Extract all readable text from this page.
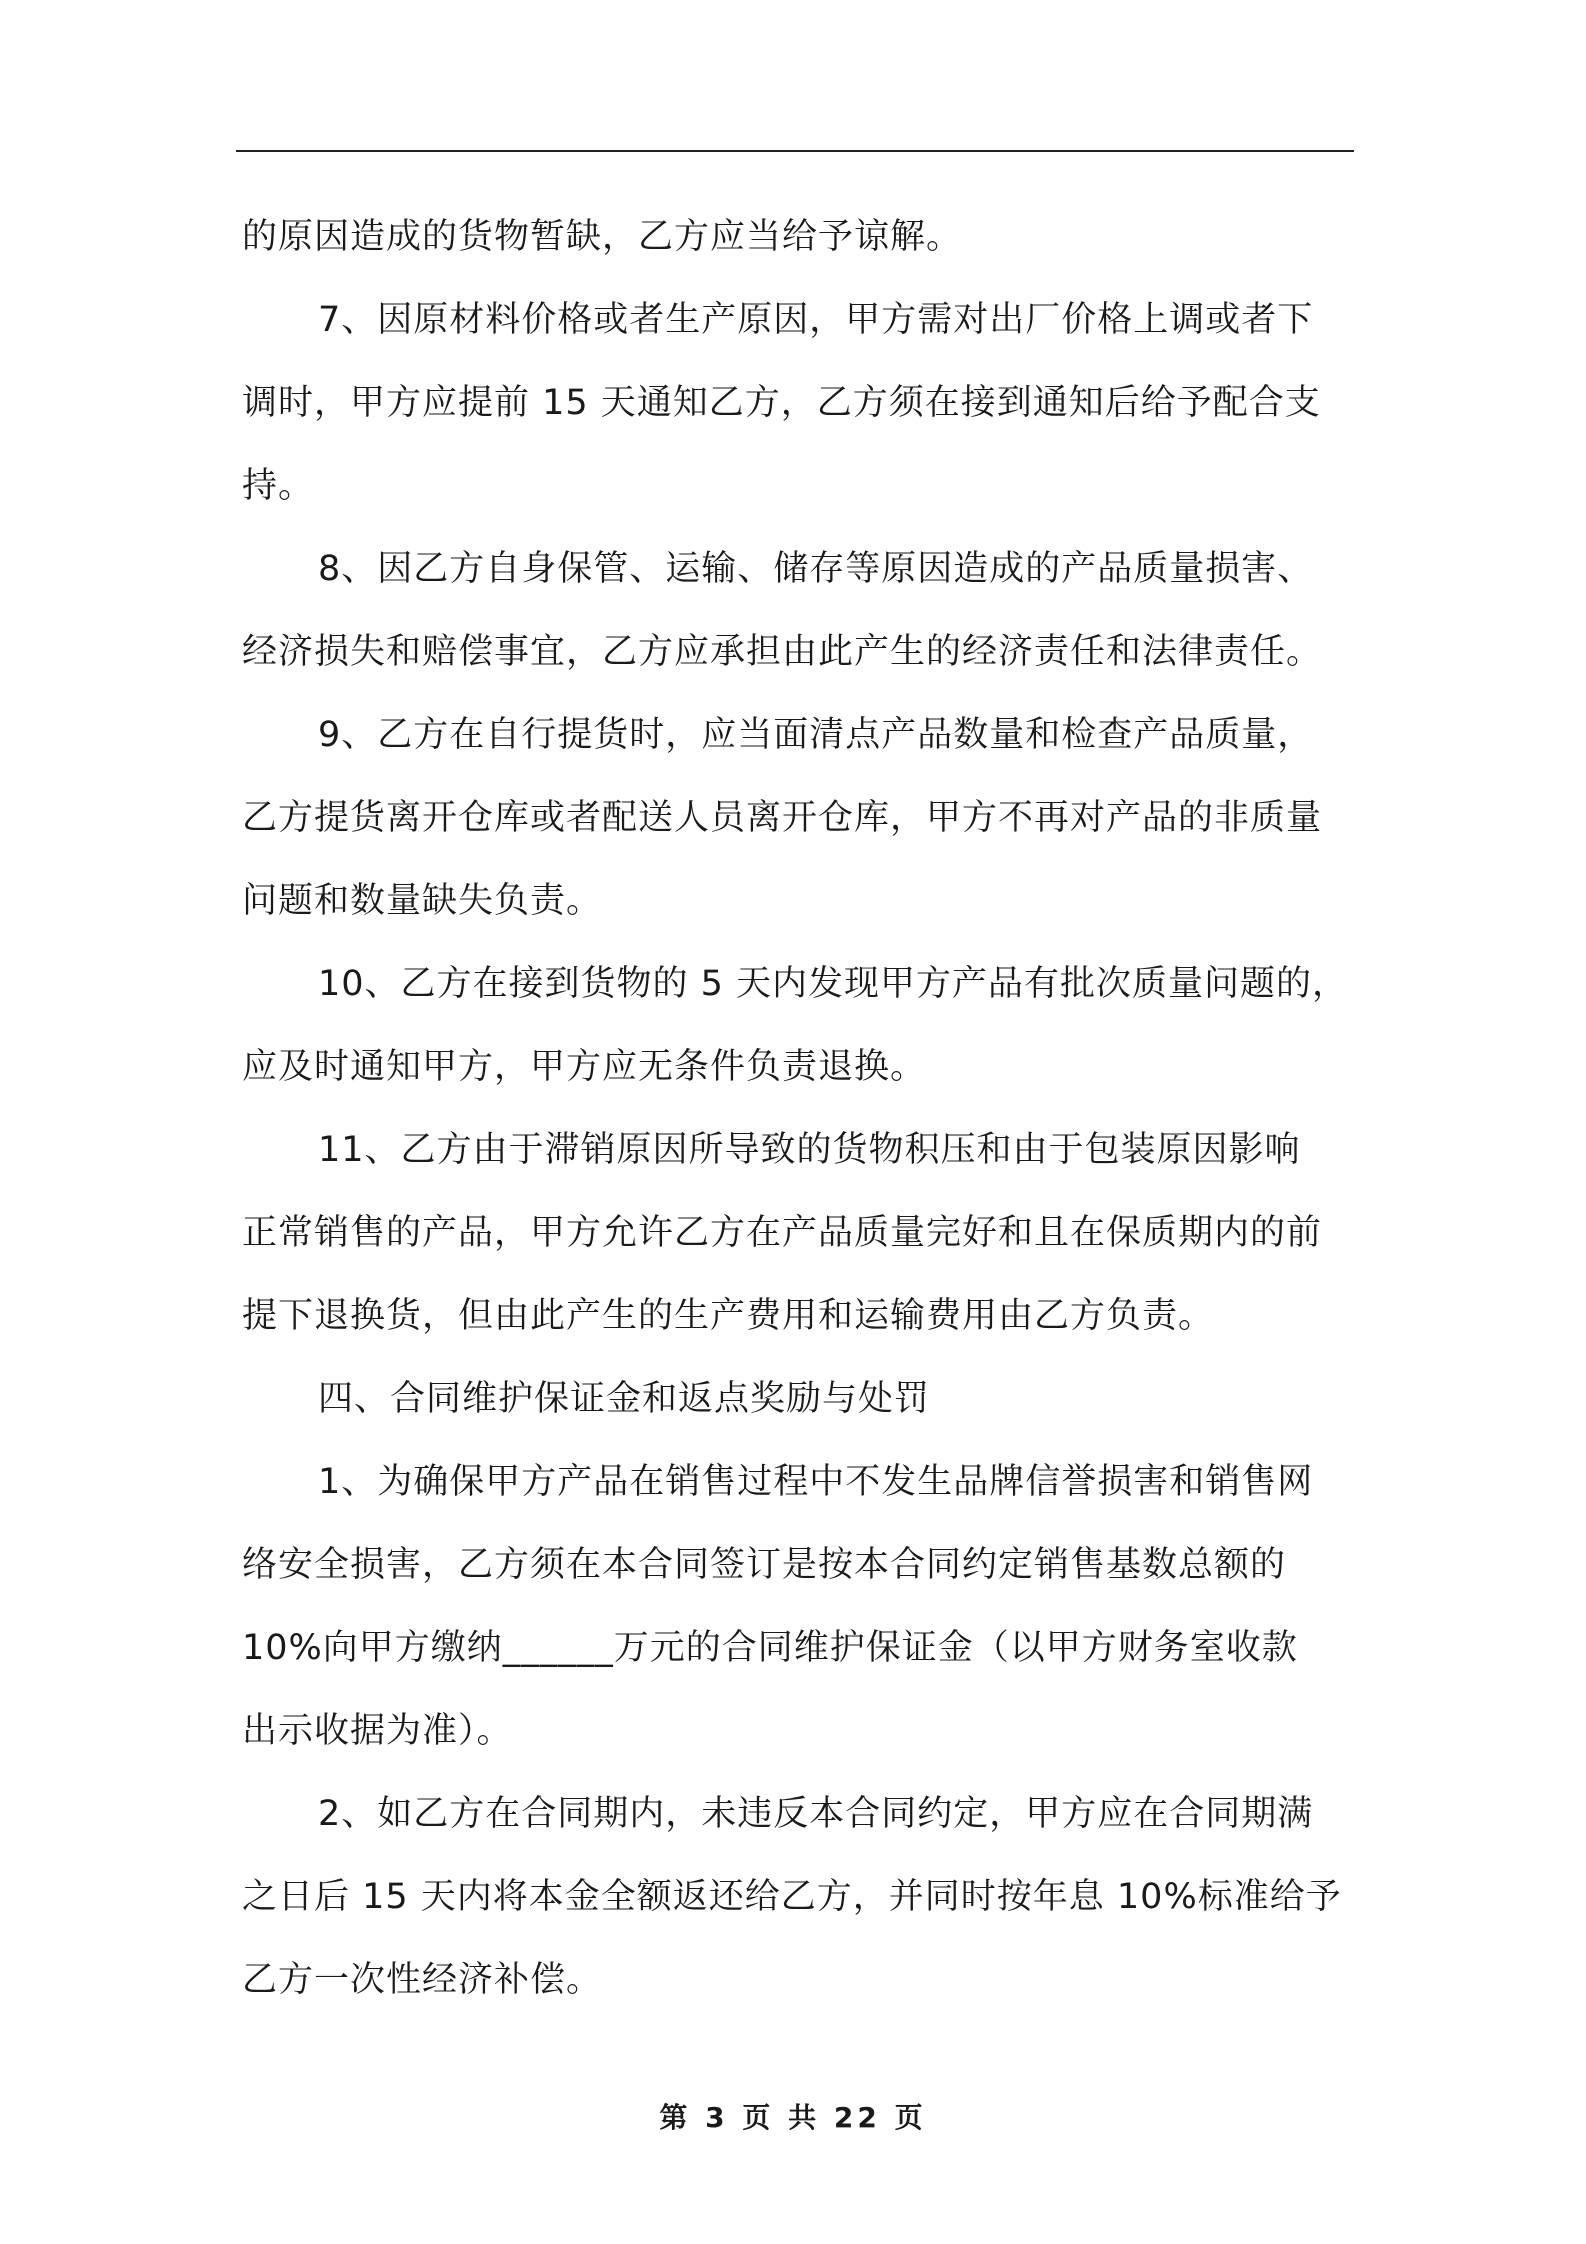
的原因造成的货物暂缺，乙方应当给予谅解。
7、因原材料价格或者生产原因，甲方需对出厂价格上调或者下
调时，甲方应提前 15 天通知乙方，乙方须在接到通知后给予配合支
持。
8、因乙方自身保管、运输、储存等原因造成的产品质量损害、
经济损失和赔偿事宜，乙方应承担由此产生的经济责任和法律责任。
9、乙方在自行提货时，应当面清点产品数量和检查产品质量，
乙方提货离开仓库或者配送人员离开仓库，甲方不再对产品的非质量
问题和数量缺失负责。
10、乙方在接到货物的 5 天内发现甲方产品有批次质量问题的，
应及时通知甲方，甲方应无条件负责退换。
11、乙方由于滞销原因所导致的货物积压和由于包装原因影响
正常销售的产品，甲方允许乙方在产品质量完好和且在保质期内的前
提下退换货，但由此产生的生产费用和运输费用由乙方负责。
四、合同维护保证金和返点奖励与处罚
1、为确保甲方产品在销售过程中不发生品牌信誉损害和销售网
络安全损害，乙方须在本合同签订是按本合同约定销售基数总额的
10%向甲方缴纳______万元的合同维护保证金（以甲方财务室收款
出示收据为准）。
2、如乙方在合同期内，未违反本合同约定，甲方应在合同期满
之日后 15 天内将本金全额返还给乙方，并同时按年息 10%标准给予
乙方一次性经济补偿。
第 3 页 共 22 页
